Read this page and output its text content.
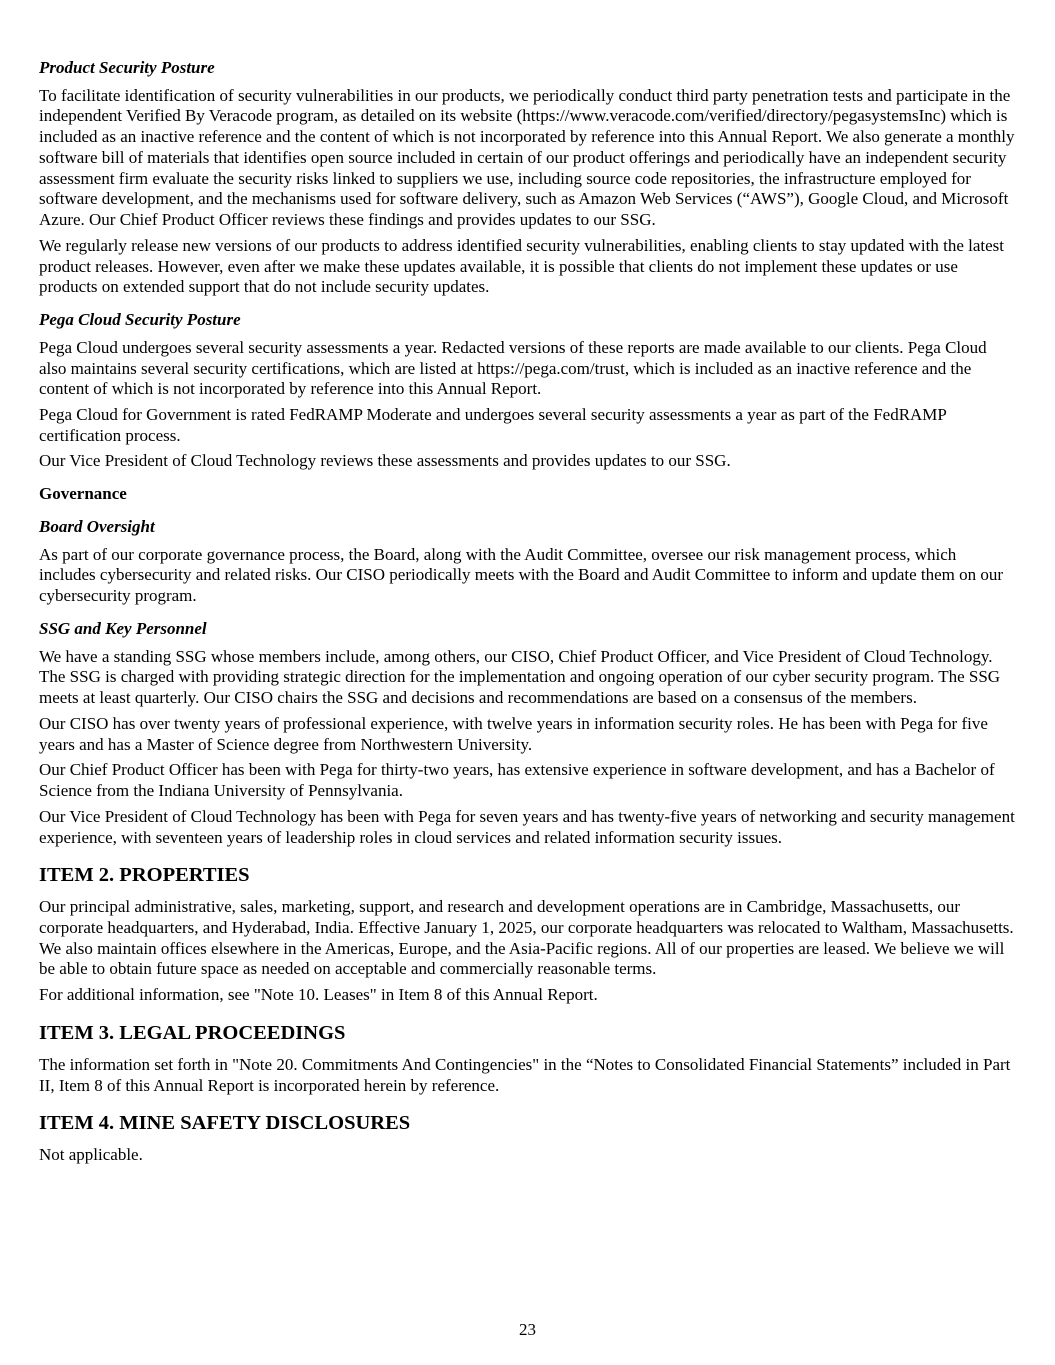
Product Security Posture

To facilitate identification of security vulnerabilities in our products, we periodically conduct third party penetration tests and participate in the independent Verified By Veracode program, as detailed on its website (https://www.veracode.com/verified/directory/pegasystemsInc) which is included as an inactive reference and the content of which is not incorporated by reference into this Annual Report. We also generate a monthly software bill of materials that identifies open source included in certain of our product offerings and periodically have an independent security assessment firm evaluate the security risks linked to suppliers we use, including source code repositories, the infrastructure employed for software development, and the mechanisms used for software delivery, such as Amazon Web Services (“AWS”), Google Cloud, and Microsoft Azure. Our Chief Product Officer reviews these findings and provides updates to our SSG.

We regularly release new versions of our products to address identified security vulnerabilities, enabling clients to stay updated with the latest product releases. However, even after we make these updates available, it is possible that clients do not implement these updates or use products on extended support that do not include security updates.

Pega Cloud Security Posture

Pega Cloud undergoes several security assessments a year. Redacted versions of these reports are made available to our clients. Pega Cloud also maintains several security certifications, which are listed at https://pega.com/trust, which is included as an inactive reference and the content of which is not incorporated by reference into this Annual Report.

Pega Cloud for Government is rated FedRAMP Moderate and undergoes several security assessments a year as part of the FedRAMP certification process.

Our Vice President of Cloud Technology reviews these assessments and provides updates to our SSG.

Governance
Board Oversight

As part of our corporate governance process, the Board, along with the Audit Committee, oversee our risk management process, which includes cybersecurity and related risks. Our CISO periodically meets with the Board and Audit Committee to inform and update them on our cybersecurity program.

SSG and Key Personnel

We have a standing SSG whose members include, among others, our CISO, Chief Product Officer, and Vice President of Cloud Technology. The SSG is charged with providing strategic direction for the implementation and ongoing operation of our cyber security program. The SSG meets at least quarterly. Our CISO chairs the SSG and decisions and recommendations are based on a consensus of the members.

Our CISO has over twenty years of professional experience, with twelve years in information security roles. He has been with Pega for five years and has a Master of Science degree from Northwestern University.

Our Chief Product Officer has been with Pega for thirty-two years, has extensive experience in software development, and has a Bachelor of Science from the Indiana University of Pennsylvania.

Our Vice President of Cloud Technology has been with Pega for seven years and has twenty-five years of networking and security management experience, with seventeen years of leadership roles in cloud services and related information security issues.

ITEM 2. PROPERTIES

Our principal administrative, sales, marketing, support, and research and development operations are in Cambridge, Massachusetts, our corporate headquarters, and Hyderabad, India. Effective January 1, 2025, our corporate headquarters was relocated to Waltham, Massachusetts. We also maintain offices elsewhere in the Americas, Europe, and the Asia-Pacific regions. All of our properties are leased. We believe we will be able to obtain future space as needed on acceptable and commercially reasonable terms.

For additional information, see "Note 10. Leases" in Item 8 of this Annual Report.

ITEM 3. LEGAL PROCEEDINGS

The information set forth in "Note 20. Commitments And Contingencies" in the “Notes to Consolidated Financial Statements” included in Part II, Item 8 of this Annual Report is incorporated herein by reference.

ITEM 4. MINE SAFETY DISCLOSURES

Not applicable.

23
